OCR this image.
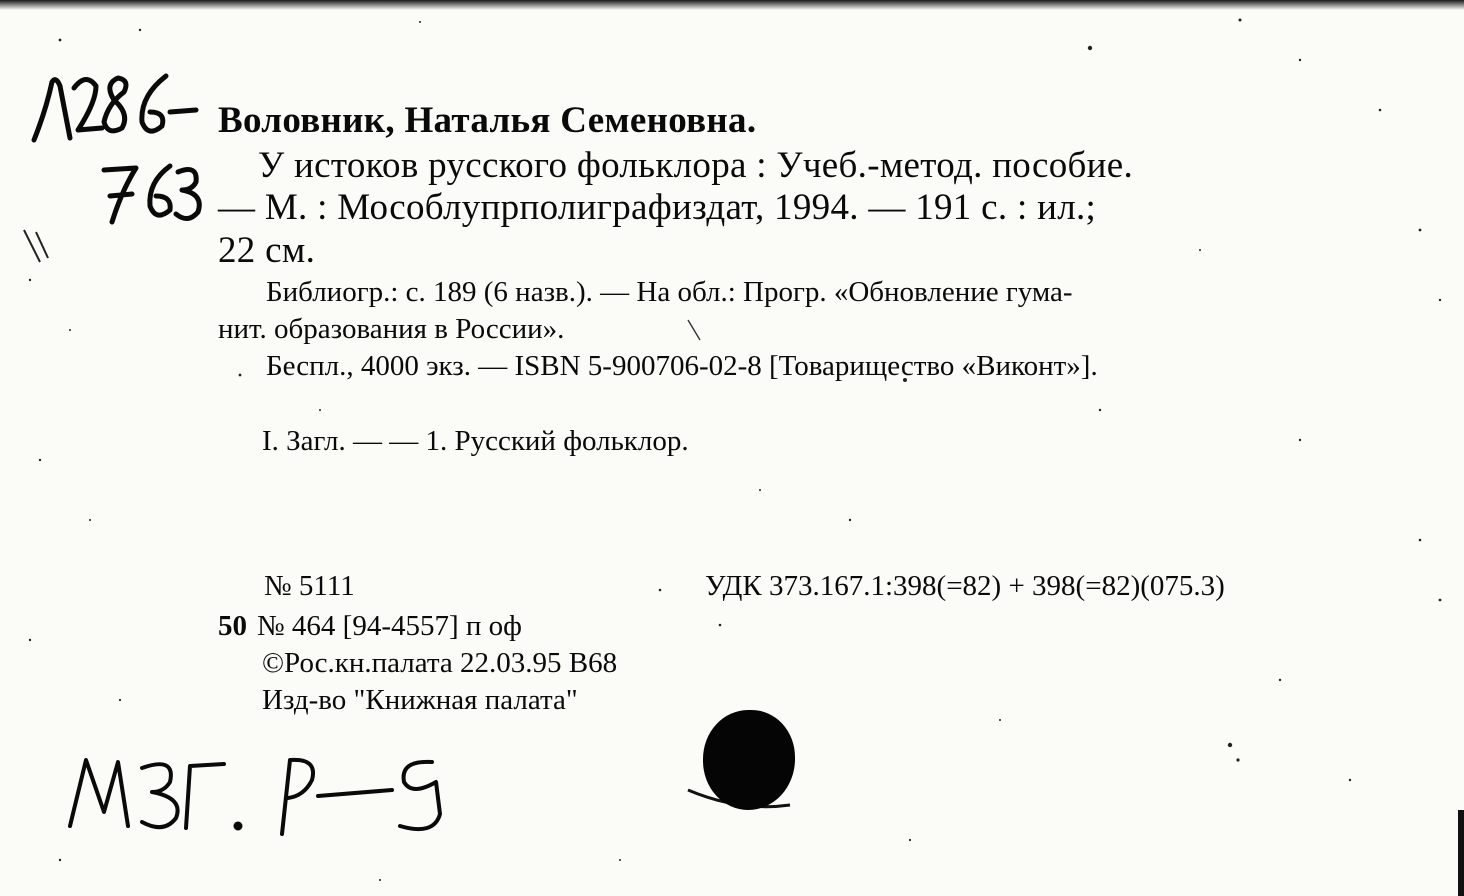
Воловник, Наталья Семеновна.
У истоков русского фольклора : Учеб.-метод. пособие.
— М. : Мособлупрполиграфиздат, 1994. — 191 с. : ил.;
22 см.
Библиогр.: с. 189 (6 назв.). — На обл.: Прогр. «Обновление гума-
нит. образования в России».
Беспл., 4000 экз. — ISBN 5-900706-02-8 [Товарищество «Виконт»].
I. Загл. — — 1. Русский фольклор.
№ 5111	УДК 373.167.1:398(=82) + 398(=82)(075.3)
50 № 464 [94-4557] п оф
©Рос.кн.палата 22.03.95 В68
Изд-во "Книжная палата"
